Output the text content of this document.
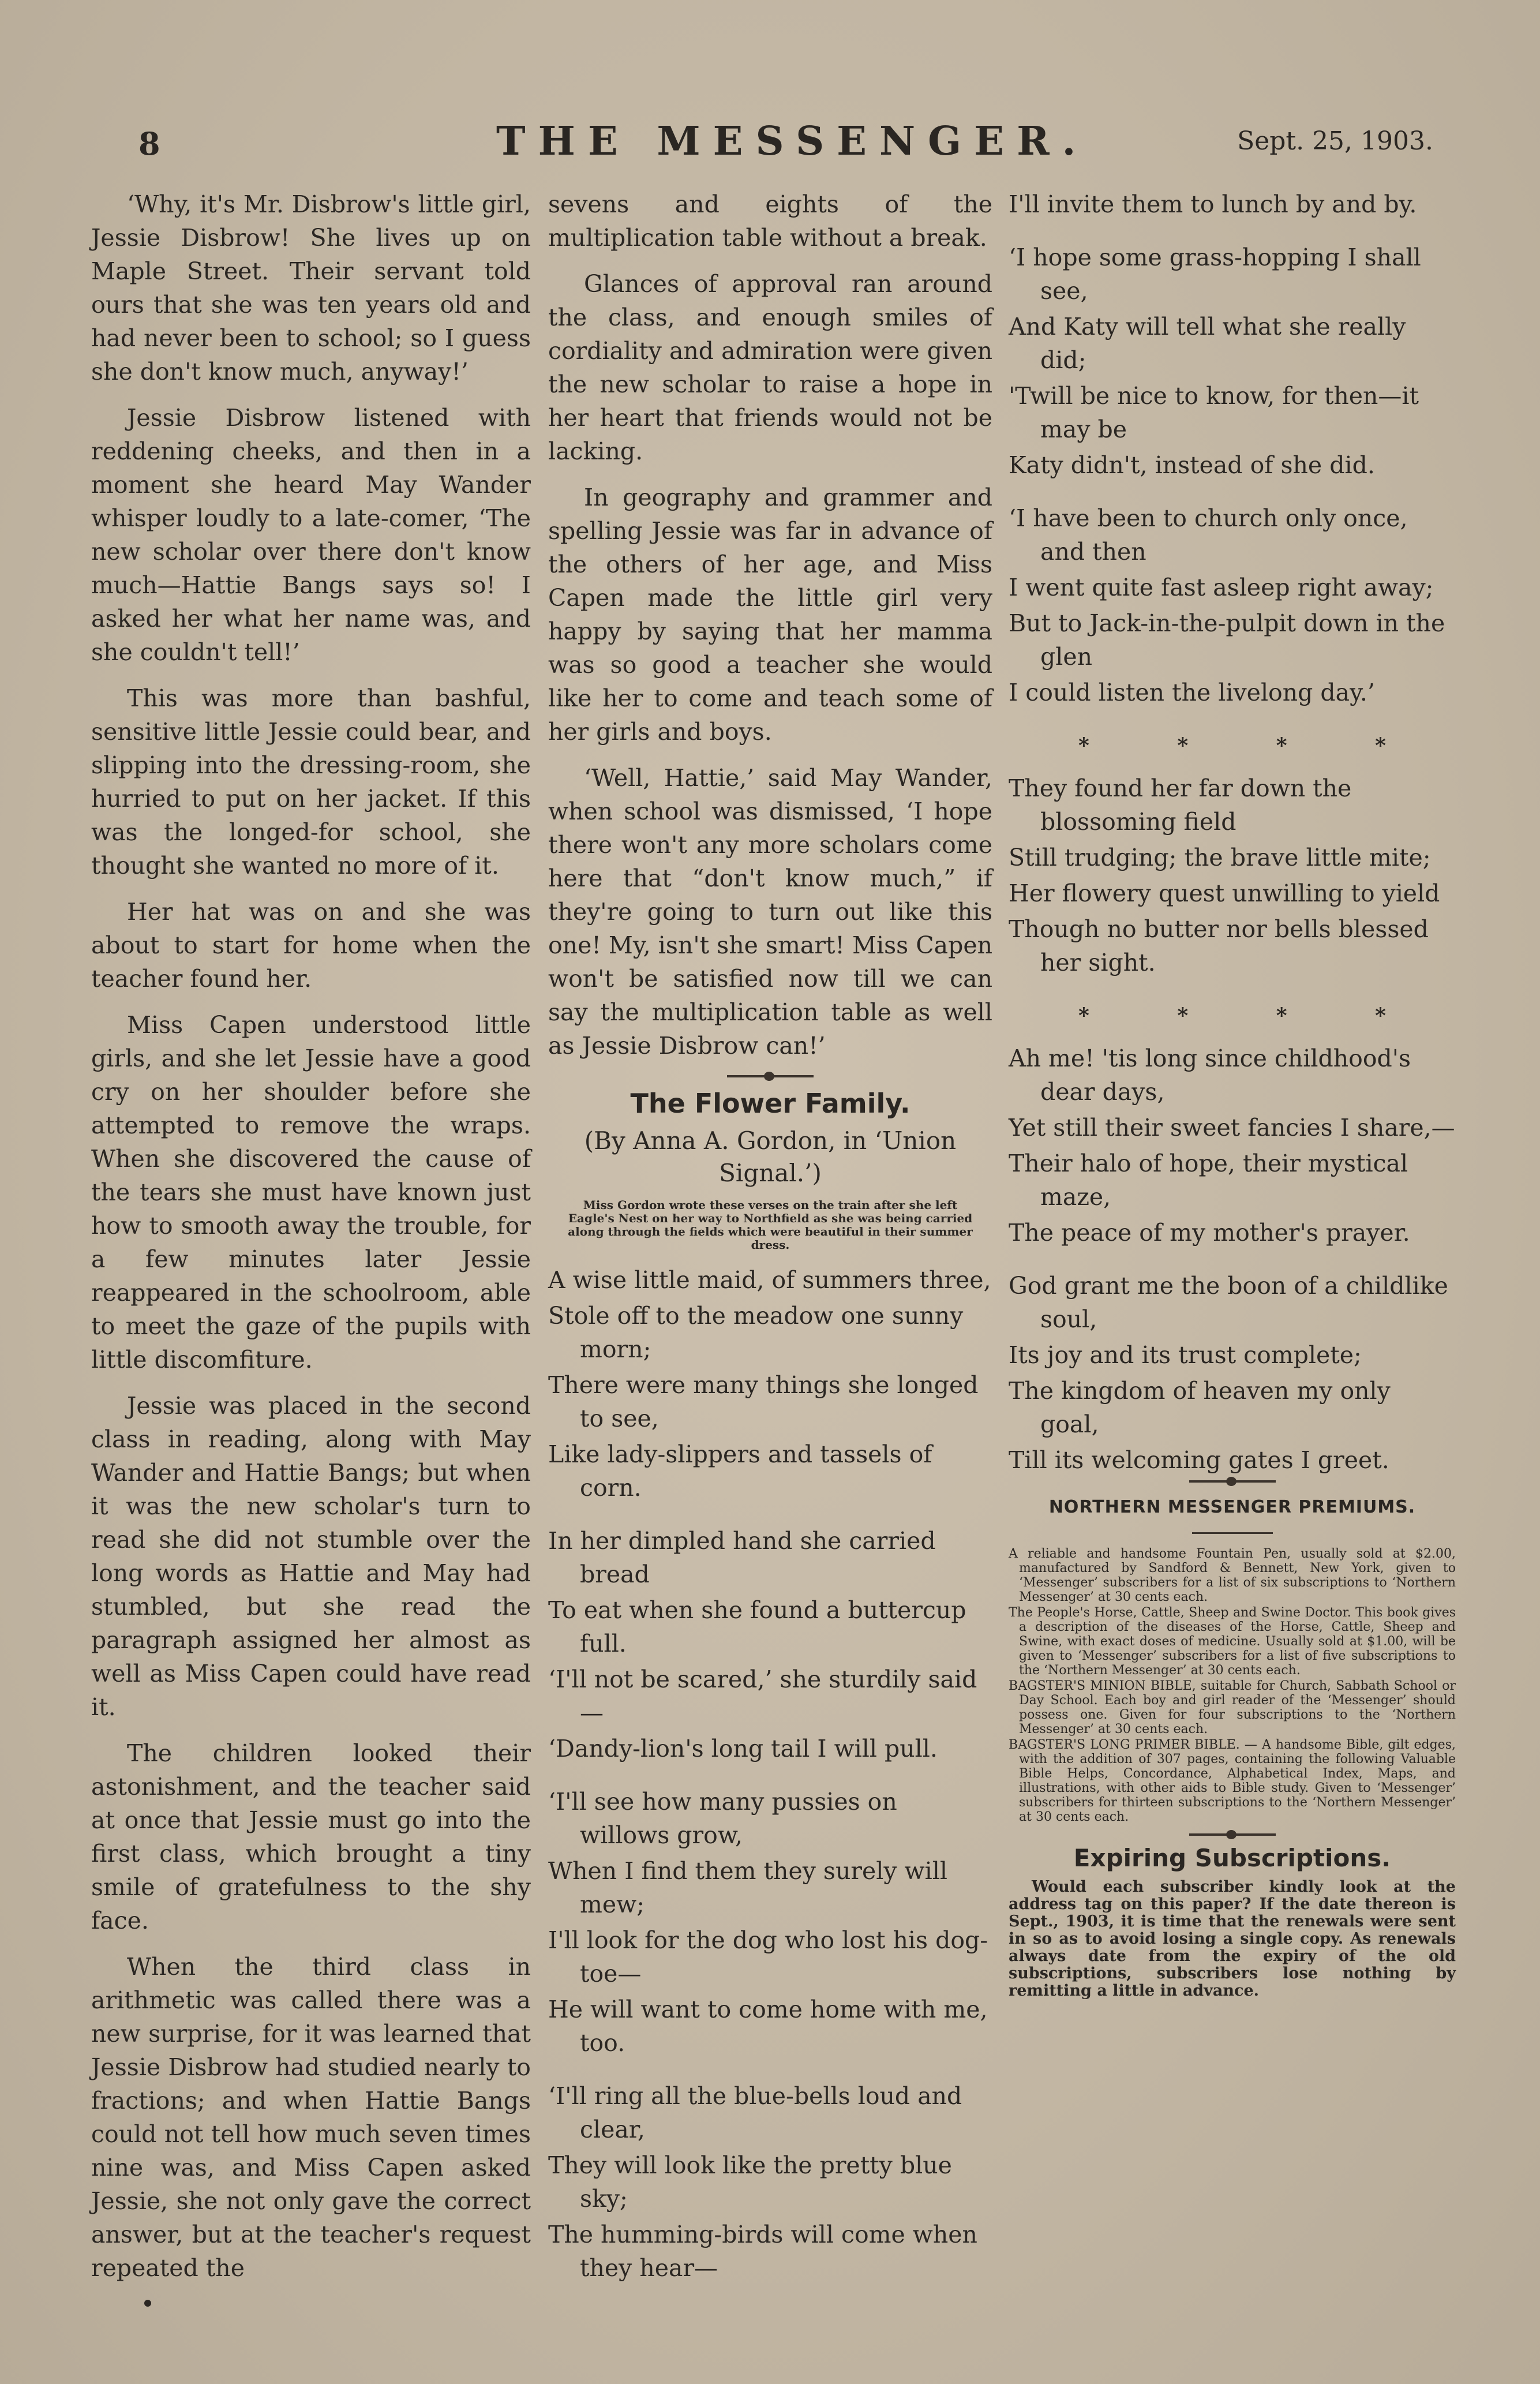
8	THE MESSENGER.	Sept. 25, 1903.

‘Why, it's Mr. Disbrow's little girl, Jessie Disbrow! She lives up on Maple Street. Their servant told ours that she was ten years old and had never been to school; so I guess she don't know much, anyway!’

Jessie Disbrow listened with reddening cheeks, and then in a moment she heard May Wander whisper loudly to a late-comer, ‘The new scholar over there don't know much—Hattie Bangs says so! I asked her what her name was, and she couldn't tell!’

This was more than bashful, sensitive little Jessie could bear, and slipping into the dressing-room, she hurried to put on her jacket. If this was the longed-for school, she thought she wanted no more of it.

Her hat was on and she was about to start for home when the teacher found her.

Miss Capen understood little girls, and she let Jessie have a good cry on her shoulder before she attempted to remove the wraps. When she discovered the cause of the tears she must have known just how to smooth away the trouble, for a few minutes later Jessie reappeared in the schoolroom, able to meet the gaze of the pupils with little discomfiture.

Jessie was placed in the second class in reading, along with May Wander and Hattie Bangs; but when it was the new scholar's turn to read she did not stumble over the long words as Hattie and May had stumbled, but she read the paragraph assigned her almost as well as Miss Capen could have read it.

The children looked their astonishment, and the teacher said at once that Jessie must go into the first class, which brought a tiny smile of gratefulness to the shy face.

When the third class in arithmetic was called there was a new surprise, for it was learned that Jessie Disbrow had studied nearly to fractions; and when Hattie Bangs could not tell how much seven times nine was, and Miss Capen asked Jessie, she not only gave the correct answer, but at the teacher's request repeated the

sevens and eights of the multiplication table without a break.

Glances of approval ran around the class, and enough smiles of cordiality and admiration were given the new scholar to raise a hope in her heart that friends would not be lacking.

In geography and grammer and spelling Jessie was far in advance of the others of her age, and Miss Capen made the little girl very happy by saying that her mamma was so good a teacher she would like her to come and teach some of her girls and boys.

‘Well, Hattie,’ said May Wander, when school was dismissed, ‘I hope there won't any more scholars come here that “don't know much,” if they're going to turn out like this one! My, isn't she smart! Miss Capen won't be satisfied now till we can say the multiplication table as well as Jessie Disbrow can!’

The Flower Family.
(By Anna A. Gordon, in ‘Union Signal.’)
Miss Gordon wrote these verses on the train after she left Eagle's Nest on her way to Northfield as she was being carried along through the fields which were beautiful in their summer dress.
A wise little maid, of summers three,
Stole off to the meadow one sunny morn;
There were many things she longed to see,
Like lady-slippers and tassels of corn.
In her dimpled hand she carried bread
To eat when she found a buttercup full.
‘I'll not be scared,’ she sturdily said—
‘Dandy-lion's long tail I will pull.
‘I'll see how many pussies on willows grow,
When I find them they surely will mew;
I'll look for the dog who lost his dog-toe—
He will want to come home with me, too.
‘I'll ring all the blue-bells loud and clear,
They will look like the pretty blue sky;
The humming-birds will come when they hear—
I'll invite them to lunch by and by.
‘I hope some grass-hopping I shall see,
And Katy will tell what she really did;
'Twill be nice to know, for then—it may be
Katy didn't, instead of she did.
‘I have been to church only once, and then
I went quite fast asleep right away;
But to Jack-in-the-pulpit down in the glen
I could listen the livelong day.’
* * * *
They found her far down the blossoming field
Still trudging; the brave little mite;
Her flowery quest unwilling to yield
Though no butter nor bells blessed her sight.
* * * *
Ah me! 'tis long since childhood's dear days,
Yet still their sweet fancies I share,—
Their halo of hope, their mystical maze,
The peace of my mother's prayer.
God grant me the boon of a childlike soul,
Its joy and its trust complete;
The kingdom of heaven my only goal,
Till its welcoming gates I greet.
NORTHERN MESSENGER PREMIUMS.
A reliable and handsome Fountain Pen, usually sold at $2.00, manufactured by Sandford & Bennett, New York, given to ‘Messenger’ subscribers for a list of six subscriptions to ‘Northern Messenger’ at 30 cents each.
The People's Horse, Cattle, Sheep and Swine Doctor. This book gives a description of the diseases of the Horse, Cattle, Sheep and Swine, with exact doses of medicine. Usually sold at $1.00, will be given to ‘Messenger’ subscribers for a list of five subscriptions to the ‘Northern Messenger’ at 30 cents each.
BAGSTER'S MINION BIBLE, suitable for Church, Sabbath School or Day School. Each boy and girl reader of the ‘Messenger’ should possess one. Given for four subscriptions to the ‘Northern Messenger’ at 30 cents each.
BAGSTER'S LONG PRIMER BIBLE. — A handsome Bible, gilt edges, with the addition of 307 pages, containing the following Valuable Bible Helps, Concordance, Alphabetical Index, Maps, and illustrations, with other aids to Bible study. Given to ‘Messenger’ subscribers for thirteen subscriptions to the ‘Northern Messenger’ at 30 cents each.
Expiring Subscriptions.
Would each subscriber kindly look at the address tag on this paper? If the date thereon is Sept., 1903, it is time that the renewals were sent in so as to avoid losing a single copy. As renewals always date from the expiry of the old subscriptions, subscribers lose nothing by remitting a little in advance.
